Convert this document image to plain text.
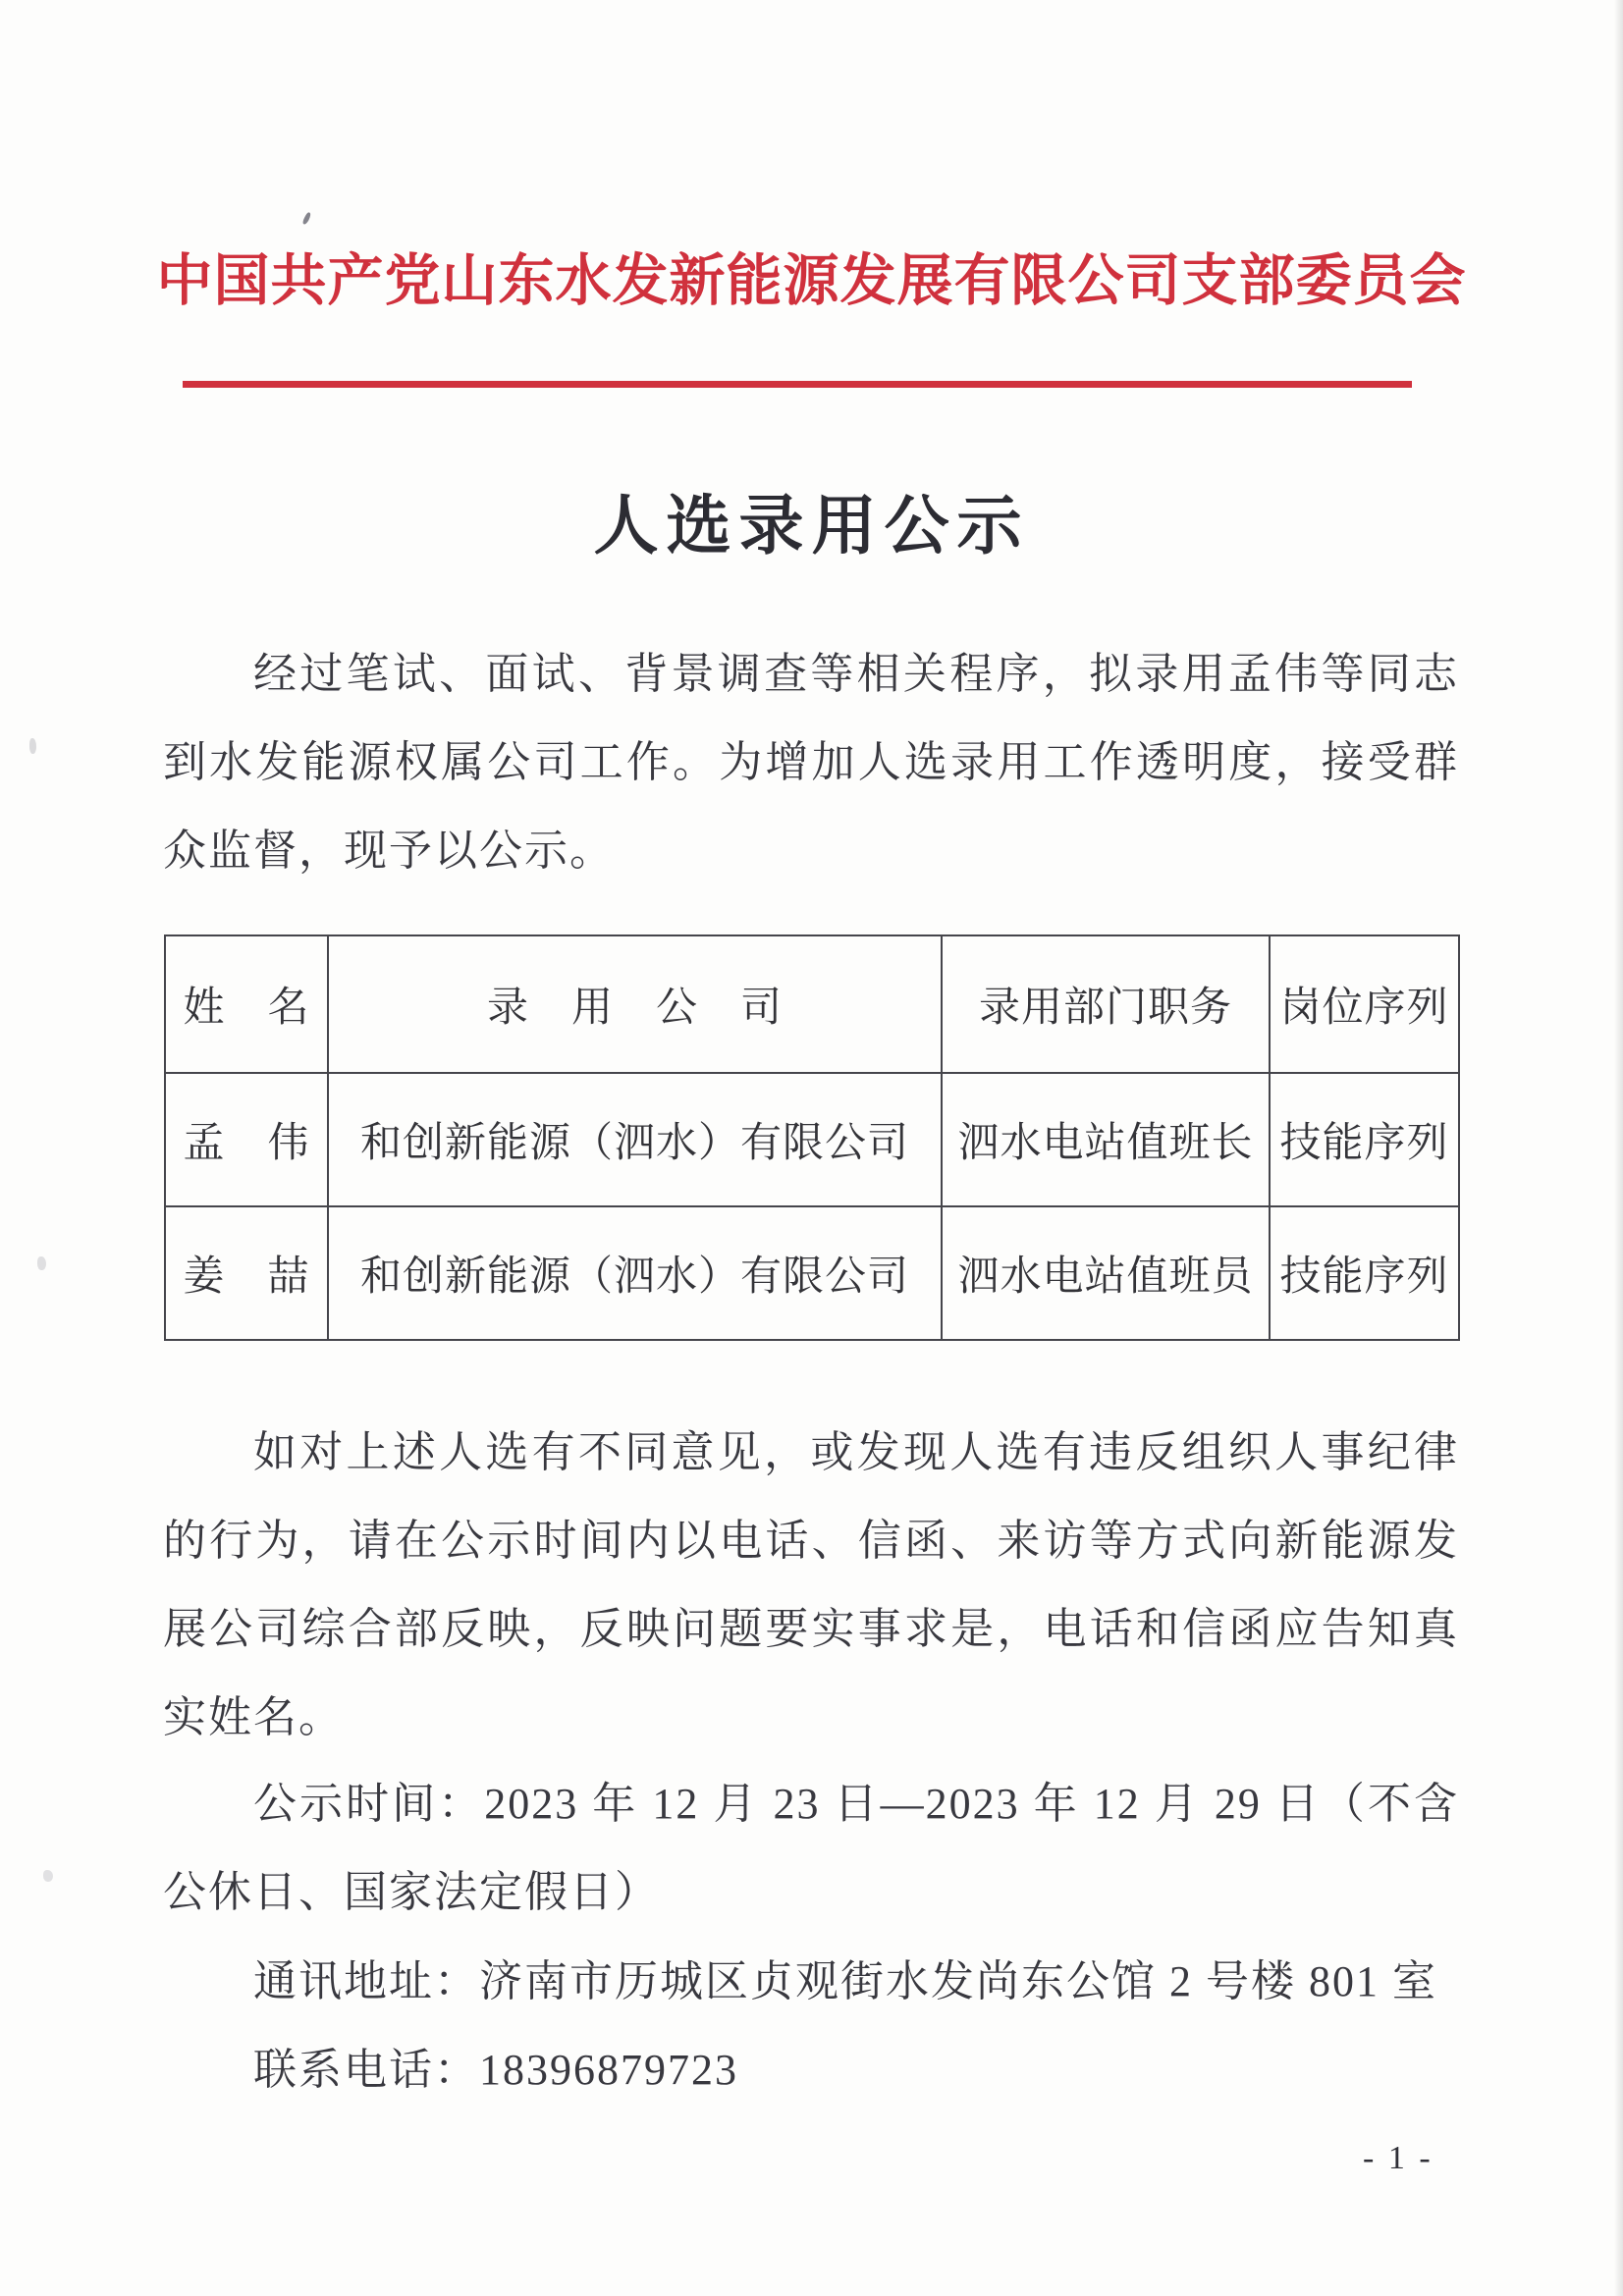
中国共产党山东水发新能源发展有限公司支部委员会
人选录用公示

经过笔试、面试、背景调查等相关程序，拟录用孟伟等同志到水发能源权属公司工作。为增加人选录用工作透明度，接受群众监督，现予以公示。

姓　名	录　用　公　司	录用部门职务	岗位序列
孟　伟	和创新能源（泗水）有限公司	泗水电站值班长	技能序列
姜　喆	和创新能源（泗水）有限公司	泗水电站值班员	技能序列

如对上述人选有不同意见，或发现人选有违反组织人事纪律的行为，请在公示时间内以电话、信函、来访等方式向新能源发展公司综合部反映，反映问题要实事求是，电话和信函应告知真实姓名。

公示时间：2023 年 12 月 23 日—2023 年 12 月 29 日（不含公休日、国家法定假日）

通讯地址：济南市历城区贞观街水发尚东公馆 2 号楼 801 室

联系电话：18396879723

- 1 -
